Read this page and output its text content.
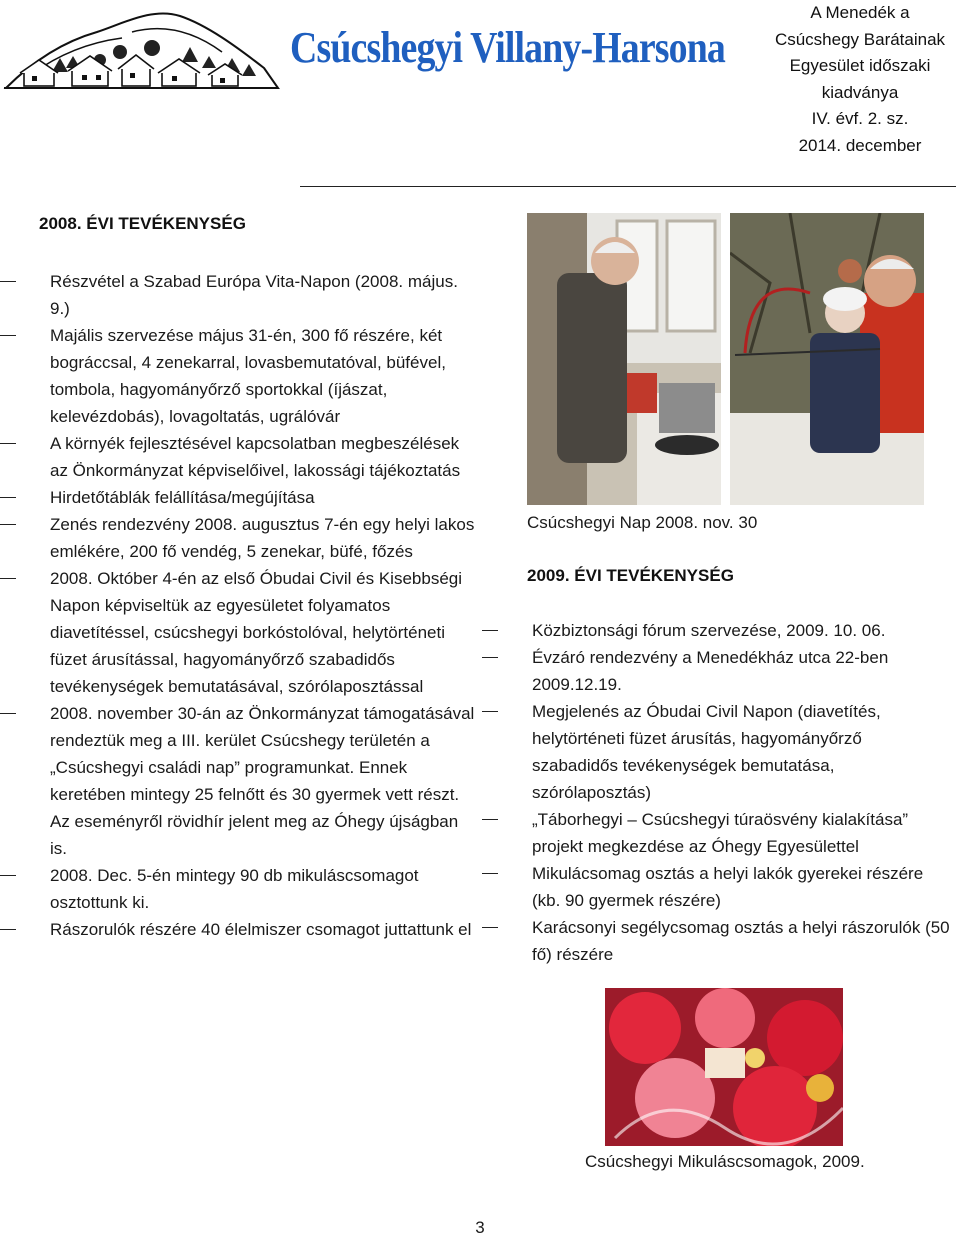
Csúcshegyi Villany-Harsona
A Menedék a
Csúcshegy Barátainak
Egyesület időszaki
kiadványa
IV. évf. 2. sz.
2014. december
2008. ÉVI TEVÉKENYSÉG
Részvétel a Szabad Európa Vita-Napon (2008. május. 9.)
Majális szervezése május 31-én, 300 fő részére, két bográccsal, 4 zenekarral, lovasbemutatóval, büfével, tombola, hagyományőrző sportokkal (íjászat, kelevézdobás), lovagoltatás, ugrálóvár
A környék fejlesztésével kapcsolatban megbeszélések az Önkormányzat képviselőivel, lakossági tájékoztatás
Hirdetőtáblák felállítása/megújítása
Zenés rendezvény 2008. augusztus 7-én egy helyi lakos emlékére, 200 fő vendég, 5 zenekar, büfé, főzés
2008. Október 4-én az első Óbudai Civil és Kisebbségi Napon képviseltük az egyesületet folyamatos diavetítéssel, csúcshegyi borkóstolóval, helytörténeti füzet árusítással, hagyományőrző szabadidős tevékenységek bemutatásával, szórólaposztással
2008. november 30-án az Önkormányzat támogatásával rendeztük meg a III. kerület Csúcshegy területén a „Csúcshegyi családi nap” programunkat. Ennek keretében mintegy 25 felnőtt és 30 gyermek vett részt. Az eseményről rövidhír jelent meg az Óhegy újságban is.
2008. Dec. 5-én mintegy 90 db mikuláscsomagot osztottunk ki.
Rászorulók részére 40 élelmiszer csomagot juttattunk el

Csúcshegyi Nap 2008. nov. 30

2009. ÉVI TEVÉKENYSÉG
Közbiztonsági fórum szervezése, 2009. 10. 06.
Évzáró rendezvény a Menedékház utca 22-ben 2009.12.19.
Megjelenés az Óbudai Civil Napon (diavetítés, helytörténeti füzet árusítás, hagyományőrző szabadidős tevékenységek bemutatása, szórólaposztás)
„Táborhegyi – Csúcshegyi túraösvény kialakítása” projekt megkezdése az Óhegy Egyesülettel
Mikulácsomag osztás a helyi lakók gyerekei részére (kb. 90 gyermek részére)
Karácsonyi segélycsomag osztás a helyi rászorulók (50 fő) részére

Csúcshegyi Mikuláscsomagok, 2009.

3
